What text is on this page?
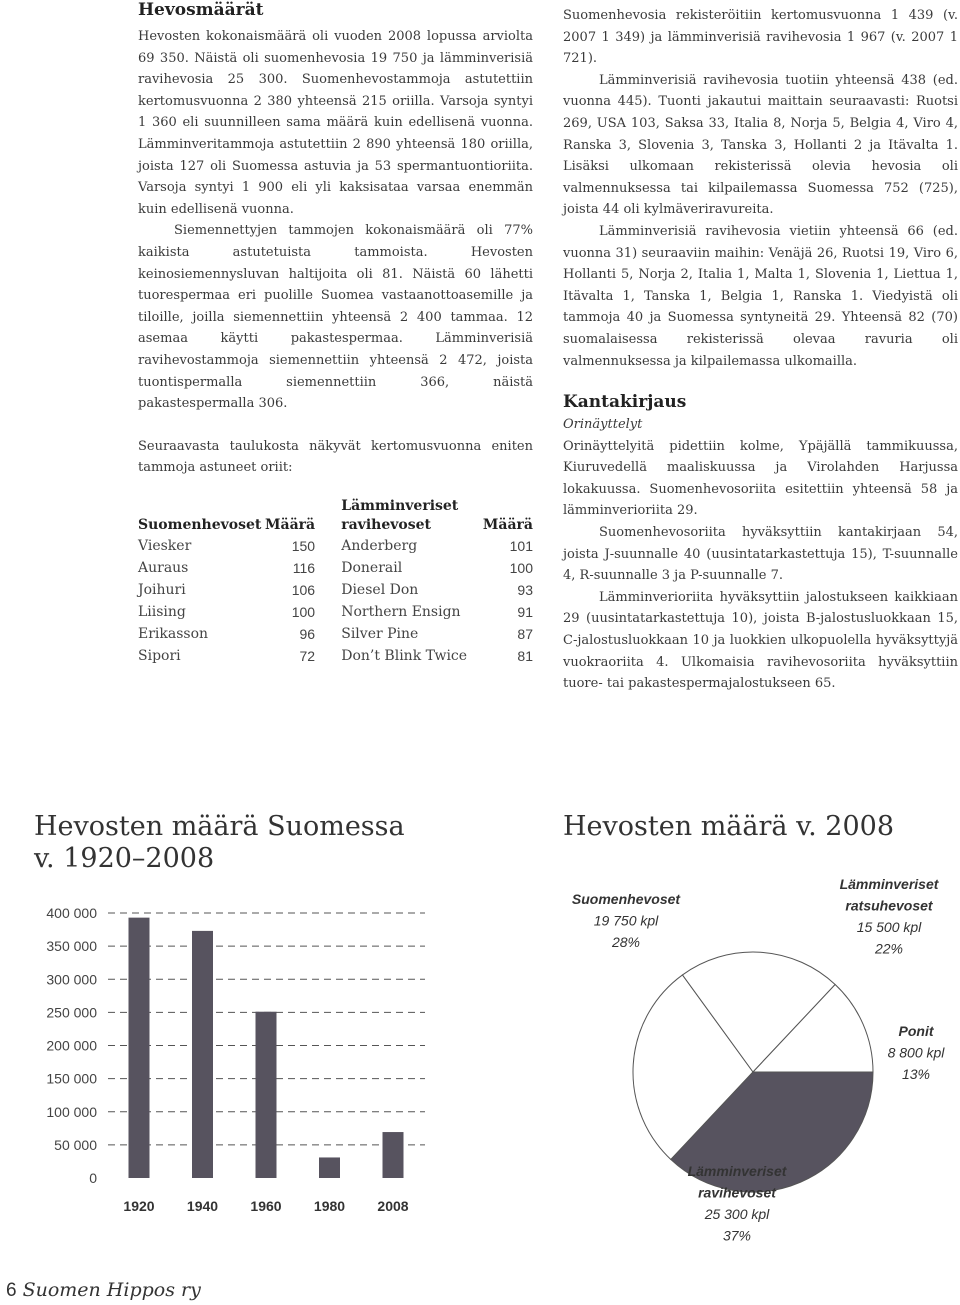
Hevosmäärät

Hevosten kokonaismäärä oli vuoden 2008 lopussa arviolta 69 350. Näistä oli suomenhevosia 19 750 ja lämminverisiä ravihevosia 25 300. Suomenhevostammoja astutettiin kertomusvuonna 2 380 yhteensä 215 oriilla. Varsoja syntyi 1 360 eli suunnilleen sama määrä kuin edellisenä vuonna. Lämminveritammoja astutettiin 2 890 yhteensä 180 oriilla, joista 127 oli Suomessa astuvia ja 53 spermantuontioriita. Varsoja syntyi 1 900 eli yli kaksisataa varsaa enemmän kuin edellisenä vuonna.

Siemennettyjen tammojen kokonaismäärä oli 77% kaikista astutetuista tammoista. Hevosten keinosiemennysluvan haltijoita oli 81. Näistä 60 lähetti tuorespermaa eri puolille Suomea vastaanottoasemille ja tiloille, joilla siemennettiin yhteensä 2 400 tammaa. 12 asemaa käytti pakastespermaa. Lämminverisiä ravihevostammoja siemennettiin yhteensä 2 472, joista tuontispermalla siemennettiin 366, näistä pakastespermalla 306.

Seuraavasta taulukosta näkyvät kertomusvuonna eniten tammoja astuneet oriit:

Suomenhevoset	Määrä		Lämminveriset ravihevoset	Määrä
Viesker	150		Anderberg	101
Auraus	116		Donerail	100
Joihuri	106		Diesel Don	93
Liising	100		Northern Ensign	91
Erikasson	96		Silver Pine	87
Sipori	72		Don’t Blink Twice	81

Suomenhevosia rekisteröitiin kertomusvuonna 1 439 (v. 2007 1 349) ja lämminverisiä ravihevosia 1 967 (v. 2007 1 721).

Lämminverisiä ravihevosia tuotiin yhteensä 438 (ed. vuonna 445). Tuonti jakautui maittain seuraavasti: Ruotsi 269, USA 103, Saksa 33, Italia 8, Norja 5, Belgia 4, Viro 4, Ranska 3, Slovenia 3, Tanska 3, Hollanti 2 ja Itävalta 1. Lisäksi ulkomaan rekisterissä olevia hevosia oli valmennuksessa tai kilpailemassa Suomessa 752 (725), joista 44 oli kylmäveriravureita.

Lämminverisiä ravihevosia vietiin yhteensä 66 (ed. vuonna 31) seuraaviin maihin: Venäjä 26, Ruotsi 19, Viro 6, Hollanti 5, Norja 2, Italia 1, Malta 1, Slovenia 1, Liettua 1, Itävalta 1, Tanska 1, Belgia 1, Ranska 1. Viedyistä oli tammoja 40 ja Suomessa syntyneitä 29. Yhteensä 82 (70) suomalaisessa rekisterissä olevaa ravuria oli valmennuksessa ja kilpailemassa ulkomailla.

Kantakirjaus

Orinäyttelyt

Orinäyttelyitä pidettiin kolme, Ypäjällä tammikuussa, Kiuruvedellä maaliskuussa ja Virolahden Harjussa lokakuussa. Suomenhevosoriita esitettiin yhteensä 58 ja lämminverioriita 29.

Suomenhevosoriita hyväksyttiin kantakirjaan 54, joista J-suunnalle 40 (uusintatarkastettuja 15), T-suunnalle 4, R-suunnalle 3 ja P-suunnalle 7.

Lämminverioriita hyväksyttiin jalostukseen kaikkiaan 29 (uusintatarkastettuja 10), joista B-jalostusluokkaan 15, C-jalostusluokkaan 10 ja luokkien ulkopuolella hyväksyttyjä vuokraoriita 4. Ulkomaisia ravihevosoriita hyväksyttiin tuore- tai pakastespermajalostukseen 65.

Hevosten määrä Suomessa
v. 1920–2008
400 000
350 000
300 000
250 000
200 000
150 000
100 000
50 000
0
1920 1940 1960 1980 2008
Hevosten määrä v. 2008
Suomenhevoset
19 750 kpl
28%
Lämminveriset
ratsuhevoset
15 500 kpl
22%
Ponit
8 800 kpl
13%
Lämminveriset
ravihevoset
25 300 kpl
37%
6 Suomen Hippos ry
